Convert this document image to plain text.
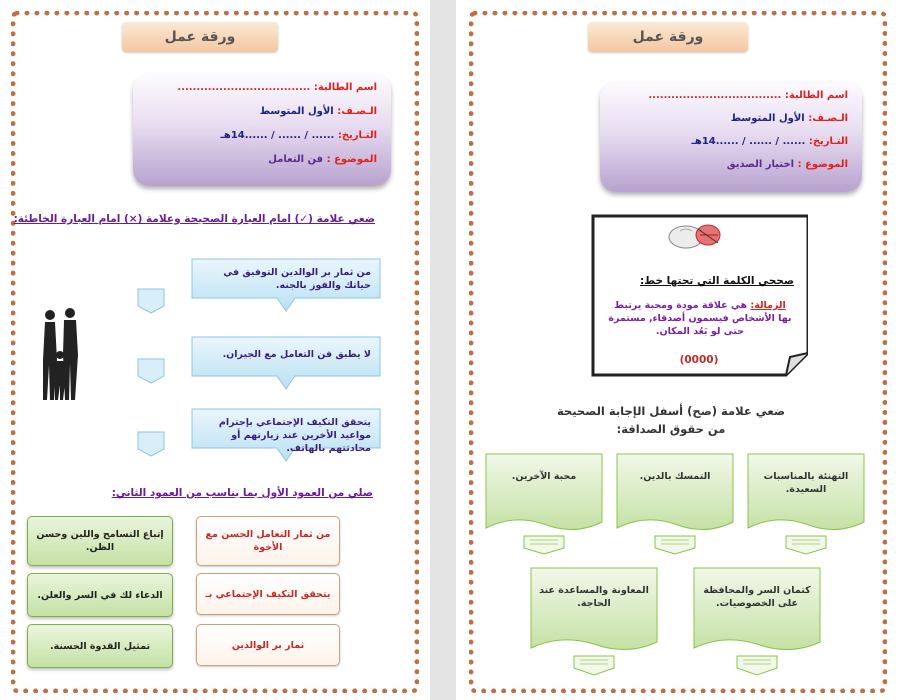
ورقة عمل
اسم الطالبة: ...................................
الـصـف: الأول المتوسط
التـاريخ: ...... / ...... / ......14هـ
الموضوع : فن التعامل
ضعي علامة (✓) امام العبارة الصحيحة وعلامة (×) امام العبارة الخاطئة:
من ثمار بر الوالدين التوفيق في حياتك والفوز بالجنه.
لا يطبق فن التعامل مع الجيران.
يتحقق التكيف الإجتماعي بإحترام مواعيد الأخرين عند زيارتهم أو محادثتهم بالهاتف.
صلي من العمود الأول بما يناسب من العمود الثاني:
من ثمار التعامل الحسن مع الأخوة
يتحقق التكيف الإجتماعي بـ
ثمار بر الوالدين
إتباع التسامح واللين وحسن الظن.
الدعاء لك في السر والعلن.
تمثيل القدوة الحسنة.
ورقة عمل
اسم الطالبة: ...................................
الـصـف: الأول المتوسط
التـاريخ: ...... / ...... / ......14هـ
الموضوع : اختيار الصديق
صححي الكلمة التي تحتها خط:
الزمالة: هي علاقة مودة ومحبة يرتبط بها الأشخاص فيسمون أصدقاء, مستمرة حتى لو بَعُد المكان.
(0000)
ضعي علامة (صح) أسفل الإجابة الصحيحة
من حقوق الصداقة:
التهنئة بالمناسبات السعيدة.
التمسك بالدين.
محبة الآخرين.
كتمان السر والمحافظة على الخصوصيات.
المعاونة والمساعدة عند الحاجة.
